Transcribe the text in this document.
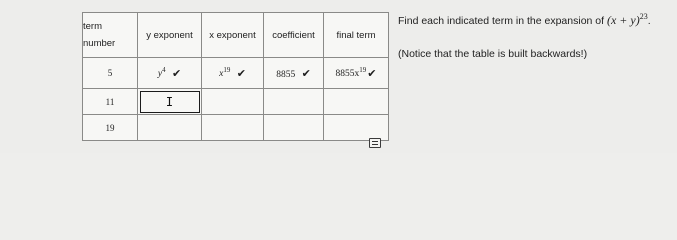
term
number	y exponent	x exponent	coefficient	final term
5	$y^4$ ✔	$x^{19}$ ✔	8855 ✔	$8855x^{19}✔$
11	I			
19				
Find each indicated term in the expansion of $(x + y)^{23}$.
(Notice that the table is built backwards!)
